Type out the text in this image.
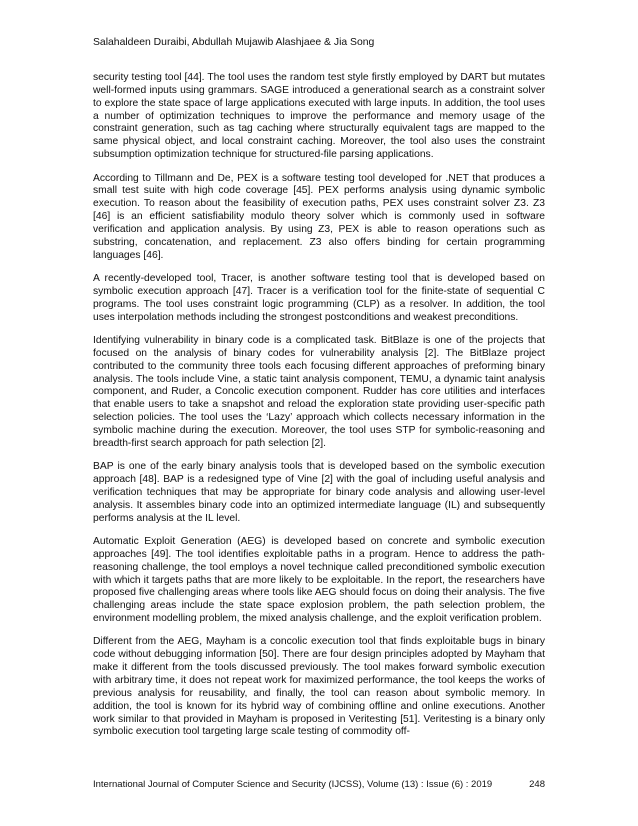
Salahaldeen Duraibi, Abdullah Mujawib Alashjaee & Jia Song

security testing tool [44]. The tool uses the random test style firstly employed by DART but mutates well-formed inputs using grammars. SAGE introduced a generational search as a constraint solver to explore the state space of large applications executed with large inputs. In addition, the tool uses a number of optimization techniques to improve the performance and memory usage of the constraint generation, such as tag caching where structurally equivalent tags are mapped to the same physical object, and local constraint caching. Moreover, the tool also uses the constraint subsumption optimization technique for structured-file parsing applications.

According to Tillmann and De, PEX is a software testing tool developed for .NET that produces a small test suite with high code coverage [45]. PEX performs analysis using dynamic symbolic execution. To reason about the feasibility of execution paths, PEX uses constraint solver Z3. Z3 [46] is an efficient satisfiability modulo theory solver which is commonly used in software verification and application analysis. By using Z3, PEX is able to reason operations such as substring, concatenation, and replacement. Z3 also offers binding for certain programming languages [46].

A recently-developed tool, Tracer, is another software testing tool that is developed based on symbolic execution approach [47]. Tracer is a verification tool for the finite-state of sequential C programs. The tool uses constraint logic programming (CLP) as a resolver. In addition, the tool uses interpolation methods including the strongest postconditions and weakest preconditions.

Identifying vulnerability in binary code is a complicated task. BitBlaze is one of the projects that focused on the analysis of binary codes for vulnerability analysis [2]. The BitBlaze project contributed to the community three tools each focusing different approaches of preforming binary analysis. The tools include Vine, a static taint analysis component, TEMU, a dynamic taint analysis component, and Ruder, a Concolic execution component. Rudder has core utilities and interfaces that enable users to take a snapshot and reload the exploration state providing user-specific path selection policies. The tool uses the ‘Lazy’ approach which collects necessary information in the symbolic machine during the execution. Moreover, the tool uses STP for symbolic-reasoning and breadth-first search approach for path selection [2].

BAP is one of the early binary analysis tools that is developed based on the symbolic execution approach [48]. BAP is a redesigned type of Vine [2] with the goal of including useful analysis and verification techniques that may be appropriate for binary code analysis and allowing user-level analysis. It assembles binary code into an optimized intermediate language (IL) and subsequently performs analysis at the IL level.

Automatic Exploit Generation (AEG) is developed based on concrete and symbolic execution approaches [49]. The tool identifies exploitable paths in a program. Hence to address the path-reasoning challenge, the tool employs a novel technique called preconditioned symbolic execution with which it targets paths that are more likely to be exploitable. In the report, the researchers have proposed five challenging areas where tools like AEG should focus on doing their analysis. The five challenging areas include the state space explosion problem, the path selection problem, the environment modelling problem, the mixed analysis challenge, and the exploit verification problem.

Different from the AEG, Mayham is a concolic execution tool that finds exploitable bugs in binary code without debugging information [50]. There are four design principles adopted by Mayham that make it different from the tools discussed previously. The tool makes forward symbolic execution with arbitrary time, it does not repeat work for maximized performance, the tool keeps the works of previous analysis for reusability, and finally, the tool can reason about symbolic memory. In addition, the tool is known for its hybrid way of combining offline and online executions. Another work similar to that provided in Mayham is proposed in Veritesting [51]. Veritesting is a binary only symbolic execution tool targeting large scale testing of commodity off-

International Journal of Computer Science and Security (IJCSS), Volume (13) : Issue (6) : 2019	248
